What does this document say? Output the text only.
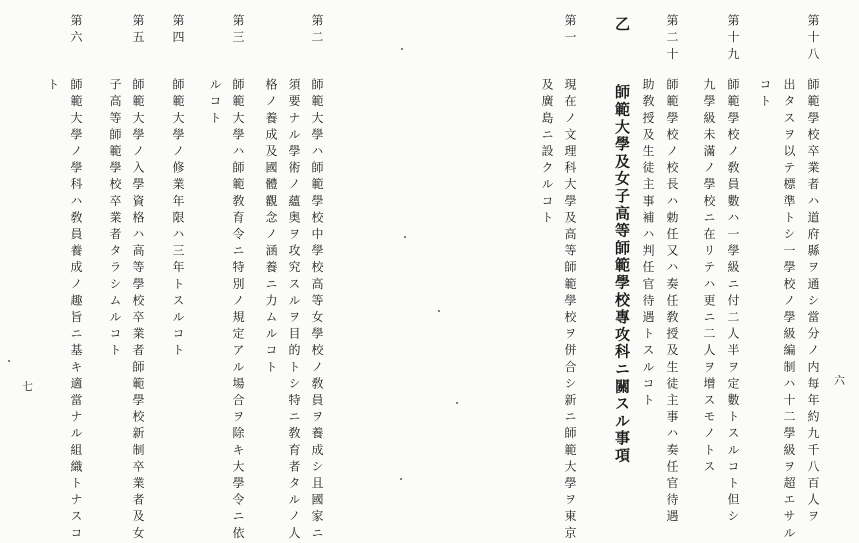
第十八
師範學校卒業者ハ道府縣ヲ通シ當分ノ内每年約九千八百人ヲ
出タスヲ以テ標準トシ一學校ノ學級編制ハ十二學級ヲ超エサル
コト
第十九
師範學校ノ敎員數ハ一學級ニ付二人半ヲ定數トスルコト但シ
九學級未滿ノ學校ニ在リテハ更ニ二人ヲ增スモノトス
第二十
師範學校ノ校長ハ勅任又ハ奏任敎授及生徒主事ハ奏任官待遇
助敎授及生徒主事補ハ判任官待遇トスルコト
乙
師範大學及女子高等師範學校專攻科ニ關スル事項
第一
現在ノ文理科大學及高等師範學校ヲ併合シ新ニ師範大學ヲ東京
及廣島ニ設クルコト
六
第二
師範大學ハ師範學校中學校高等女學校ノ敎員ヲ養成シ且國家ニ
須要ナル學術ノ蘊奥ヲ攻究スルヲ目的トシ特ニ敎育者タルノ人
格ノ養成及國體觀念ノ涵養ニ力ムルコト
第三
師範大學ハ師範敎育令ニ特別ノ規定アル場合ヲ除キ大學令ニ依
ルコト
第四
師範大學ノ修業年限ハ三年トスルコト
第五
師範大學ノ入學資格ハ高等學校卒業者師範學校新制卒業者及女
子高等師範學校卒業者タラシムルコト
第六
師範大學ノ學科ハ敎員養成ノ趣旨ニ基キ適當ナル組織トナスコ
ト
七
